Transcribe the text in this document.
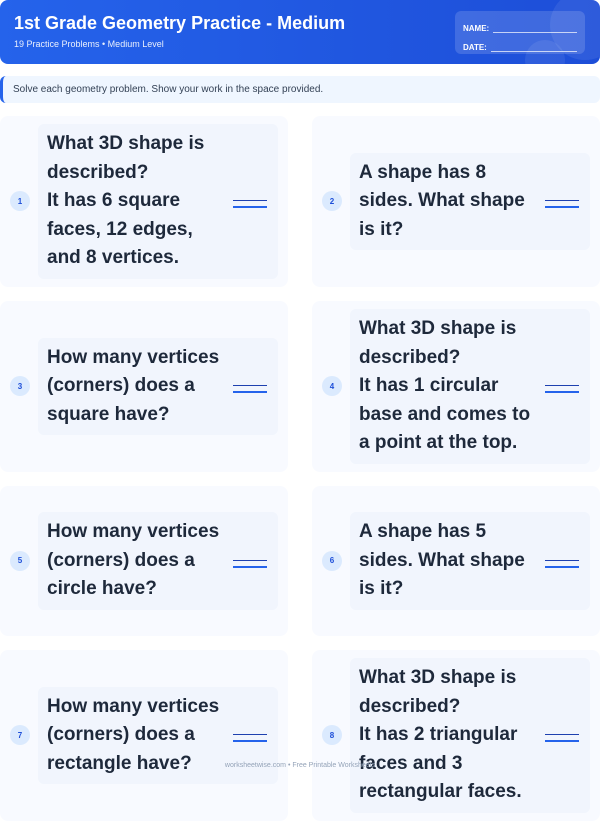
1st Grade Geometry Practice - Medium
19 Practice Problems • Medium Level
NAME:
DATE:
Solve each geometry problem. Show your work in the space provided.
1
What 3D shape is described?
It has 6 square faces, 12 edges, and 8 vertices.
2
A shape has 8 sides. What shape is it?
3
How many vertices (corners) does a square have?
4
What 3D shape is described?
It has 1 circular base and comes to a point at the top.
5
How many vertices (corners) does a circle have?
6
A shape has 5 sides. What shape is it?
7
How many vertices (corners) does a rectangle have?
8
What 3D shape is described?
It has 2 triangular faces and 3 rectangular faces.
worksheetwise.com • Free Printable Worksheets
